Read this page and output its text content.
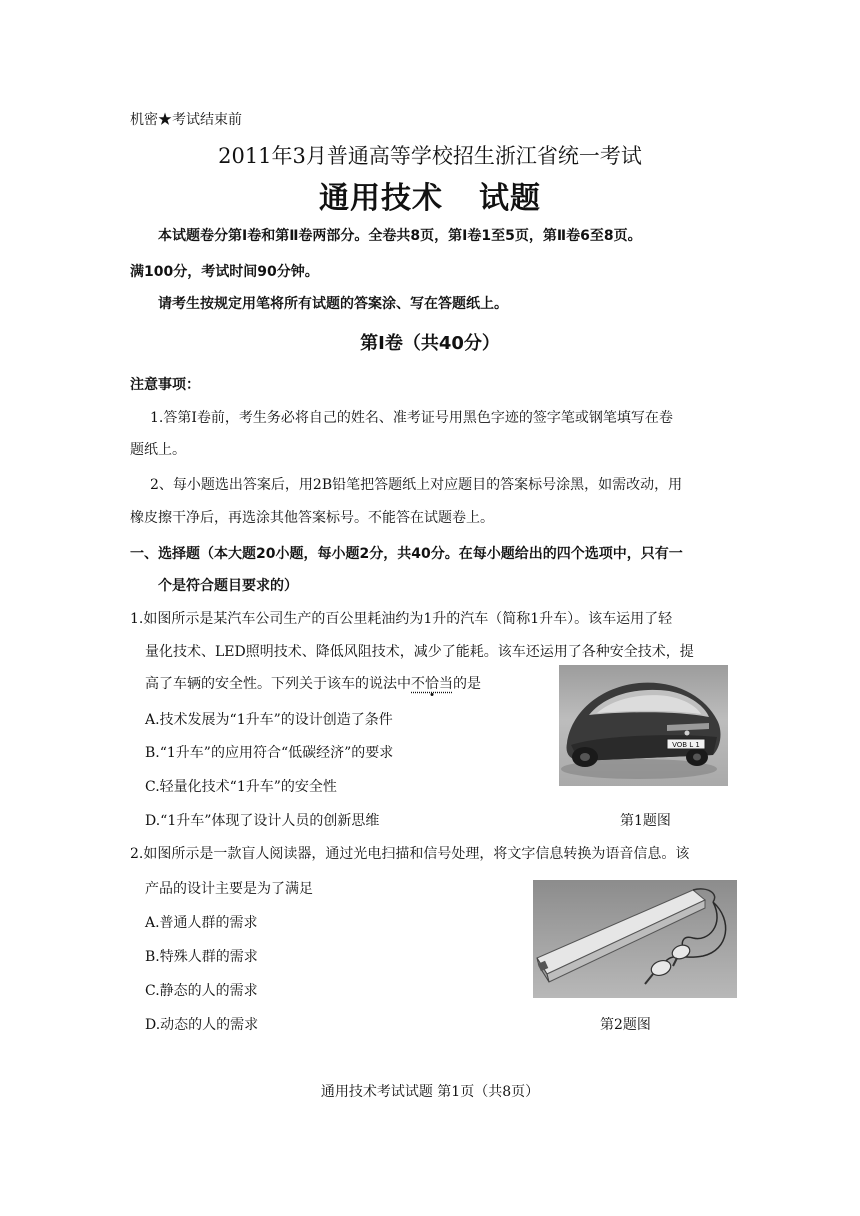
机密★考试结束前
2011年3月普通高等学校招生浙江省统一考试
通用技术 试题
本试题卷分第Ⅰ卷和第Ⅱ卷两部分。全卷共8页，第Ⅰ卷1至5页，第Ⅱ卷6至8页。
满100分，考试时间90分钟。
请考生按规定用笔将所有试题的答案涂、写在答题纸上。
第Ⅰ卷（共40分）
注意事项：
1.答第Ⅰ卷前，考生务必将自己的姓名、准考证号用黑色字迹的签字笔或钢笔填写在卷
题纸上。
2、每小题选出答案后，用2B铅笔把答题纸上对应题目的答案标号涂黑，如需改动，用
橡皮擦干净后，再选涂其他答案标号。不能答在试题卷上。
一、选择题（本大题20小题，每小题2分，共40分。在每小题给出的四个选项中，只有一
个是符合题目要求的）
1.如图所示是某汽车公司生产的百公里耗油约为1升的汽车（简称1升车）。该车运用了轻
量化技术、LED照明技术、降低风阻技术，减少了能耗。该车还运用了各种安全技术，提
高了车辆的安全性。下列关于该车的说法中不恰当的是
A.技术发展为“1升车”的设计创造了条件
B.“1升车”的应用符合“低碳经济”的要求
C.轻量化技术“1升车”的安全性
D.“1升车”体现了设计人员的创新思维
VOB L 1
第1题图
2.如图所示是一款盲人阅读器，通过光电扫描和信号处理，将文字信息转换为语音信息。该
产品的设计主要是为了满足
A.普通人群的需求
B.特殊人群的需求
C.静态的人的需求
D.动态的人的需求	第2题图
通用技术考试试题 第1页（共8页）
